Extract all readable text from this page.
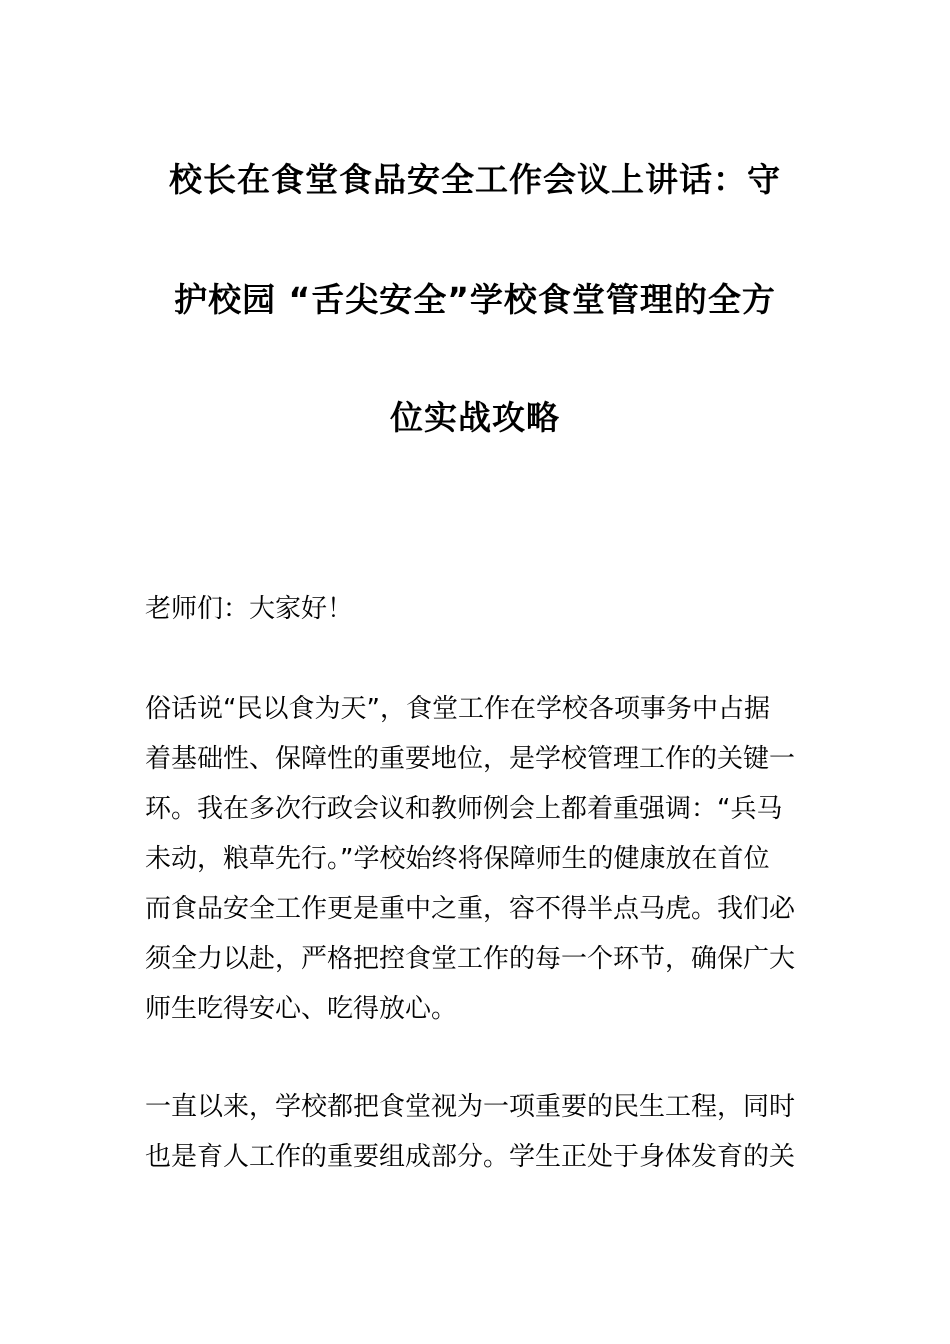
校长在食堂食品安全工作会议上讲话：守
护校园 “舌尖安全”学校食堂管理的全方
位实战攻略
老师们：大家好！
俗话说“民以食为天”，食堂工作在学校各项事务中占据
着基础性、保障性的重要地位，是学校管理工作的关键一
环。我在多次行政会议和教师例会上都着重强调：“兵马
未动，粮草先行。”学校始终将保障师生的健康放在首位
而食品安全工作更是重中之重，容不得半点马虎。我们必
须全力以赴，严格把控食堂工作的每一个环节，确保广大
师生吃得安心、吃得放心。
一直以来，学校都把食堂视为一项重要的民生工程，同时
也是育人工作的重要组成部分。学生正处于身体发育的关
